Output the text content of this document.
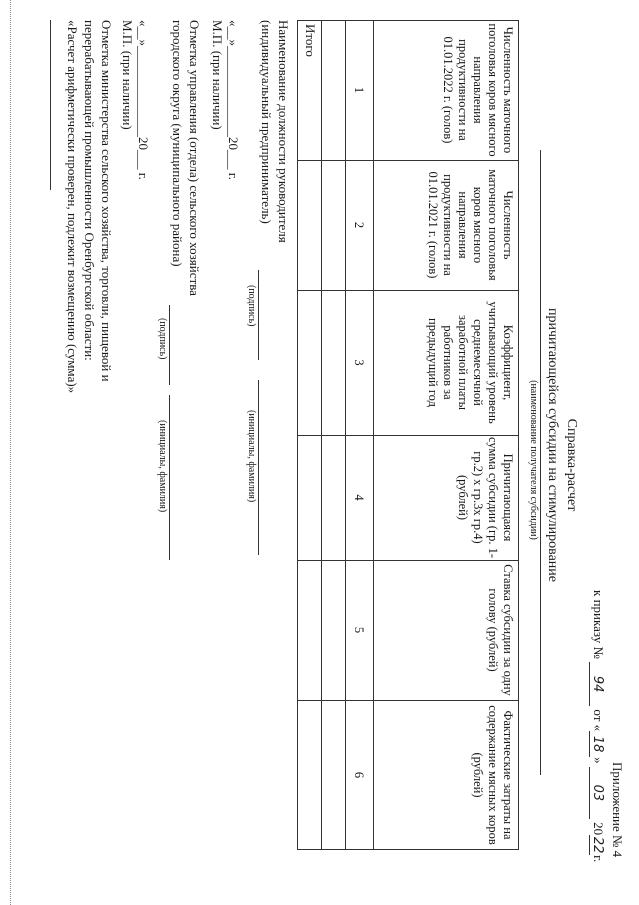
Приложение № 4
к приказу № 94 от «18» 03 2022г.
Справка-расчет
причитающейся субсидии на стимулирование
(наименование получателя субсидии)
Численность маточного поголовья коров мясного направления продуктивности на 01.01.2022 г. (голов)
Численность маточного поголовья коров мясного направления продуктивности на 01.01.2021 г. (голов)
Коэффициент, учитывающий уровень среднемесячной заработной платы работников за предыдущий год
Ставка субсидии за одну голову (рублей)
Причитающаяся сумма субсидии (гр. 1- гр.2) х гр.3х гр.4) (рублей)
Фактические затраты на содержание мясных коров (рублей)
1
2
3
4
5
6
Итого
Наименование должности руководителя
(индивидуальный предприниматель)
(подпись)
(инициалы, фамилия)
«__»______________20___ г.
М.П. (при наличии)
Отметка управления (отдела) сельского хозяйства
городского округа (муниципального района)
(подпись)
(инициалы, фамилия)
«__»______________20___ г.
М.П. (при наличии)
Отметка министерства сельского хозяйства, торговли, пищевой и
перерабатывающей промышленности Оренбургской области:
«Расчет арифметически проверен, подлежит возмещению (сумма)»
